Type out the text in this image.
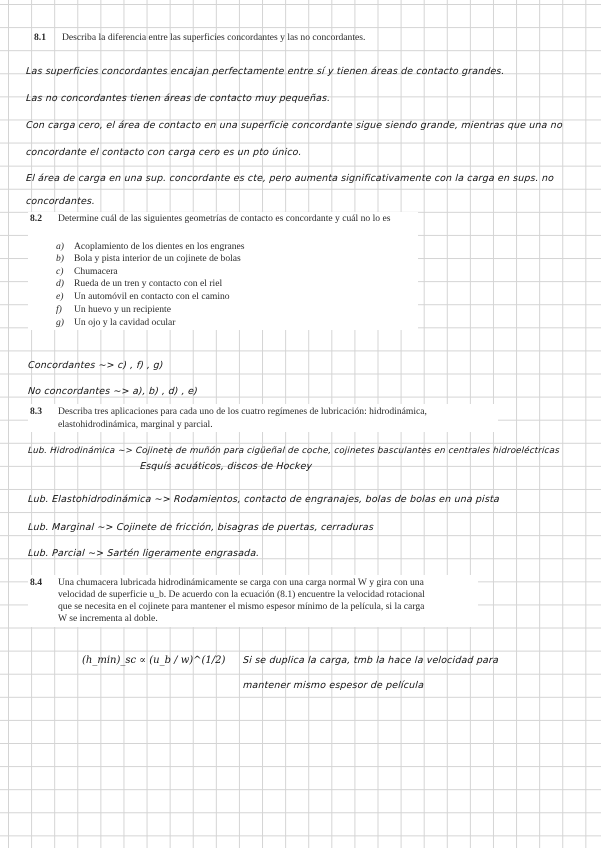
8.1 Describa la diferencia entre las superficies concordantes y las no concordantes.
Las superficies concordantes encajan perfectamente entre sí y tienen áreas de contacto grandes.
Las no concordantes tienen áreas de contacto muy pequeñas.
Con carga cero, el área de contacto en una superficie concordante sigue siendo grande, mientras que una no
concordante el contacto con carga cero es un pto único.
El área de carga en una sup. concordante es cte, pero aumenta significativamente con la carga en sups. no
concordantes.
8.2 Determine cuál de las siguientes geometrías de contacto es concordante y cuál no lo es
a) Acoplamiento de los dientes en los engranes
b) Bola y pista interior de un cojinete de bolas
c) Chumacera
d) Rueda de un tren y contacto con el riel
e) Un automóvil en contacto con el camino
f) Un huevo y un recipiente
g) Un ojo y la cavidad ocular
Concordantes ~> c) , f) , g)
No concordantes ~> a), b) , d) , e)
8.3 Describa tres aplicaciones para cada uno de los cuatro regímenes de lubricación: hidrodinámica,
elastohidrodinámica, marginal y parcial.
Lub. Hidrodinámica ~> Cojinete de muñón para cigüeñal de coche, cojinetes basculantes en centrales hidroeléctricas
Esquís acuáticos, discos de Hockey
Lub. Elastohidrodinámica ~> Rodamientos, contacto de engranajes, bolas de bolas en una pista
Lub. Marginal ~> Cojinete de fricción, bisagras de puertas, cerraduras
Lub. Parcial ~> Sartén ligeramente engrasada.
8.4 Una chumacera lubricada hidrodinámicamente se carga con una carga normal W y gira con una
velocidad de superficie u_b. De acuerdo con la ecuación (8.1) encuentre la velocidad rotacional
que se necesita en el cojinete para mantener el mismo espesor mínimo de la película, si la carga
W se incrementa al doble.
(h_min)_sc ∝ (u_b / w)^(1/2) Si se duplica la carga, tmb la hace la velocidad para
mantener mismo espesor de película
